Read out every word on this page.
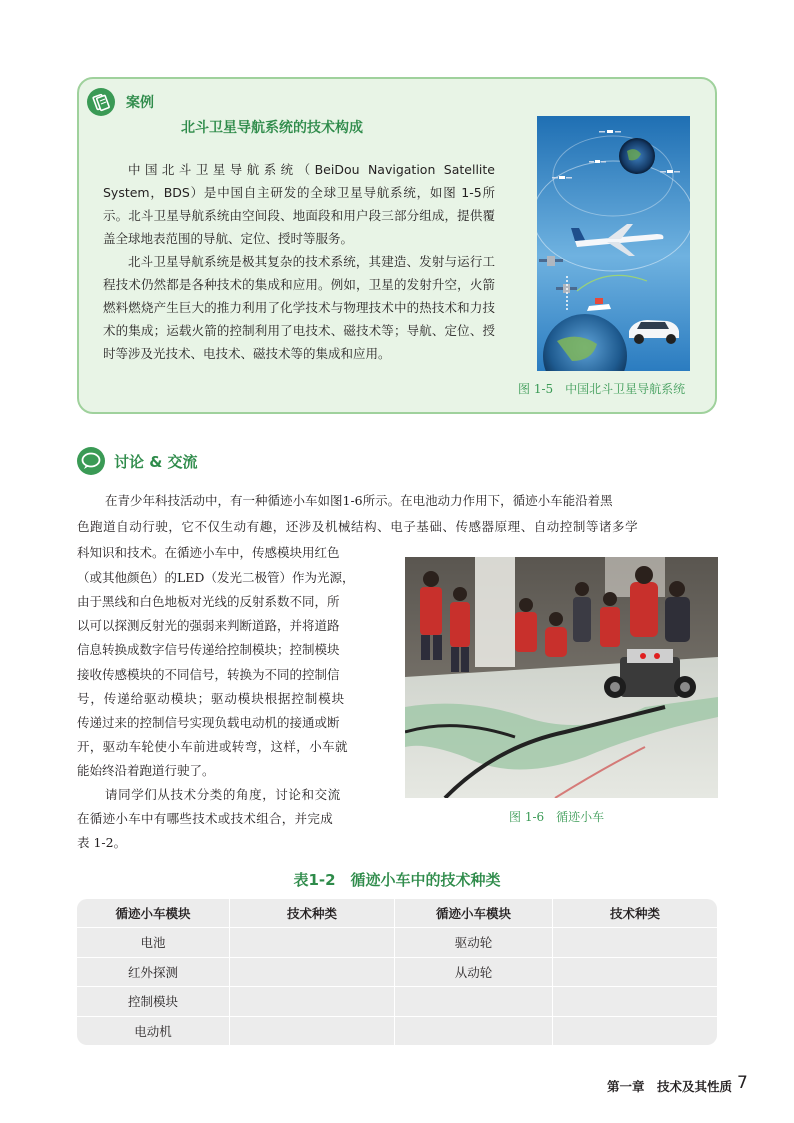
案例
北斗卫星导航系统的技术构成

中国北斗卫星导航系统（BeiDou Navigation Satellite System，BDS）是中国自主研发的全球卫星导航系统，如图 1-5所示。北斗卫星导航系统由空间段、地面段和用户段三部分组成，提供覆盖全球地表范围的导航、定位、授时等服务。

北斗卫星导航系统是极其复杂的技术系统，其建造、发射与运行工程技术仍然都是各种技术的集成和应用。例如，卫星的发射升空，火箭燃料燃烧产生巨大的推力利用了化学技术与物理技术中的热技术和力技术的集成；运载火箭的控制利用了电技术、磁技术等；导航、定位、授时等涉及光技术、电技术、磁技术等的集成和应用。

图 1-5　中国北斗卫星导航系统
讨论 & 交流
在青少年科技活动中，有一种循迹小车如图1-6所示。在电池动力作用下，循迹小车能沿着黑
色跑道自动行驶，它不仅生动有趣，还涉及机械结构、电子基础、传感器原理、自动控制等诸多学
科知识和技术。在循迹小车中，传感模块用红色
（或其他颜色）的LED（发光二极管）作为光源，
由于黑线和白色地板对光线的反射系数不同，所
以可以探测反射光的强弱来判断道路，并将道路
信息转换成数字信号传递给控制模块；控制模块
接收传感模块的不同信号，转换为不同的控制信
号，传递给驱动模块；驱动模块根据控制模块
传递过来的控制信号实现负载电动机的接通或断
开，驱动车轮使小车前进或转弯，这样，小车就
能始终沿着跑道行驶了。
请同学们从技术分类的角度，讨论和交流
在循迹小车中有哪些技术或技术组合，并完成
表 1-2。
图 1-6　循迹小车
表1-2　循迹小车中的技术种类
循迹小车模块	技术种类	循迹小车模块	技术种类
电池		驱动轮	
红外探测		从动轮	
控制模块			
电动机			
第一章　技术及其性质 7
